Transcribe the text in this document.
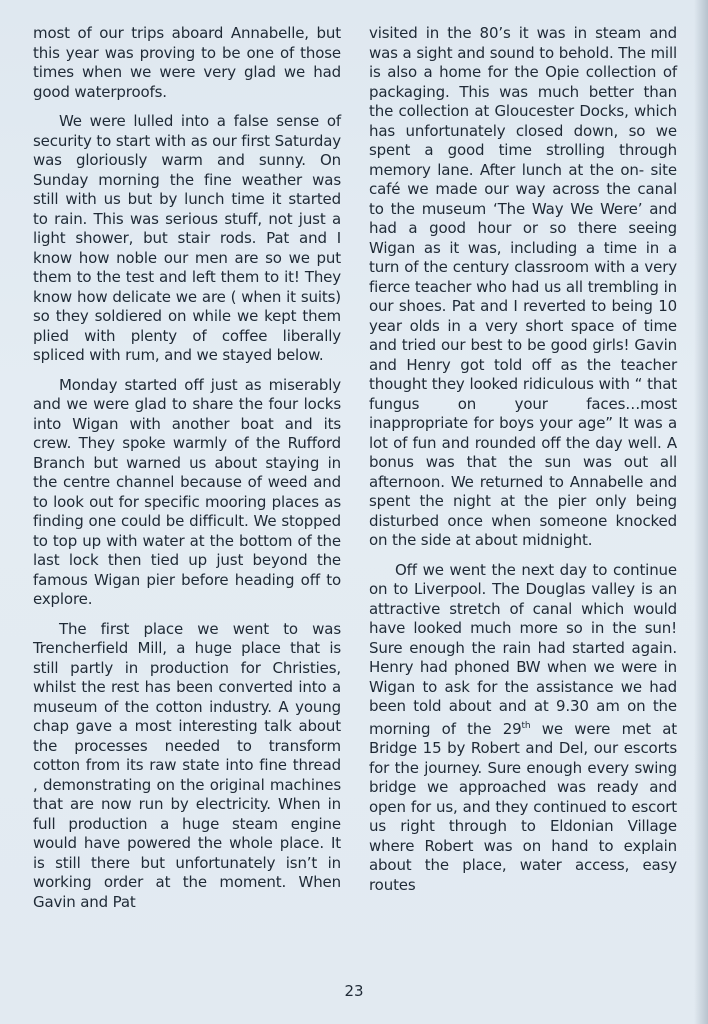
most of our trips aboard Annabelle, but this year was proving to be one of those times when we were very glad we had good waterproofs.

We were lulled into a false sense of security to start with as our first Saturday was gloriously warm and sunny. On Sunday morning the fine weather was still with us but by lunch time it started to rain. This was serious stuff, not just a light shower, but stair rods. Pat and I know how noble our men are so we put them to the test and left them to it! They know how delicate we are ( when it suits) so they soldiered on while we kept them plied with plenty of coffee liberally spliced with rum, and we stayed below.

Monday started off just as miserably and we were glad to share the four locks into Wigan with another boat and its crew. They spoke warmly of the Rufford Branch but warned us about staying in the centre channel because of weed and to look out for specific mooring places as finding one could be difficult. We stopped to top up with water at the bottom of the last lock then tied up just beyond the famous Wigan pier before heading off to explore.

The first place we went to was Trencherfield Mill, a huge place that is still partly in production for Christies, whilst the rest has been converted into a museum of the cotton industry. A young chap gave a most interesting talk about the processes needed to transform cotton from its raw state into fine thread , demonstrating on the original machines that are now run by electricity. When in full production a huge steam engine would have powered the whole place. It is still there but unfortunately isn’t in working order at the moment. When Gavin and Pat

visited in the 80’s it was in steam and was a sight and sound to behold. The mill is also a home for the Opie collection of packaging. This was much better than the collection at Gloucester Docks, which has unfortunately closed down, so we spent a good time strolling through memory lane. After lunch at the on- site café we made our way across the canal to the museum ‘The Way We Were’ and had a good hour or so there seeing Wigan as it was, including a time in a turn of the century classroom with a very fierce teacher who had us all trembling in our shoes. Pat and I reverted to being 10 year olds in a very short space of time and tried our best to be good girls! Gavin and Henry got told off as the teacher thought they looked ridiculous with “ that fungus on your faces…most inappropriate for boys your age” It was a lot of fun and rounded off the day well. A bonus was that the sun was out all afternoon. We returned to Annabelle and spent the night at the pier only being disturbed once when someone knocked on the side at about midnight.

Off we went the next day to continue on to Liverpool. The Douglas valley is an attractive stretch of canal which would have looked much more so in the sun! Sure enough the rain had started again. Henry had phoned BW when we were in Wigan to ask for the assistance we had been told about and at 9.30 am on the morning of the 29th we were met at Bridge 15 by Robert and Del, our escorts for the journey. Sure enough every swing bridge we approached was ready and open for us, and they continued to escort us right through to Eldonian Village where Robert was on hand to explain about the place, water access, easy routes

23
